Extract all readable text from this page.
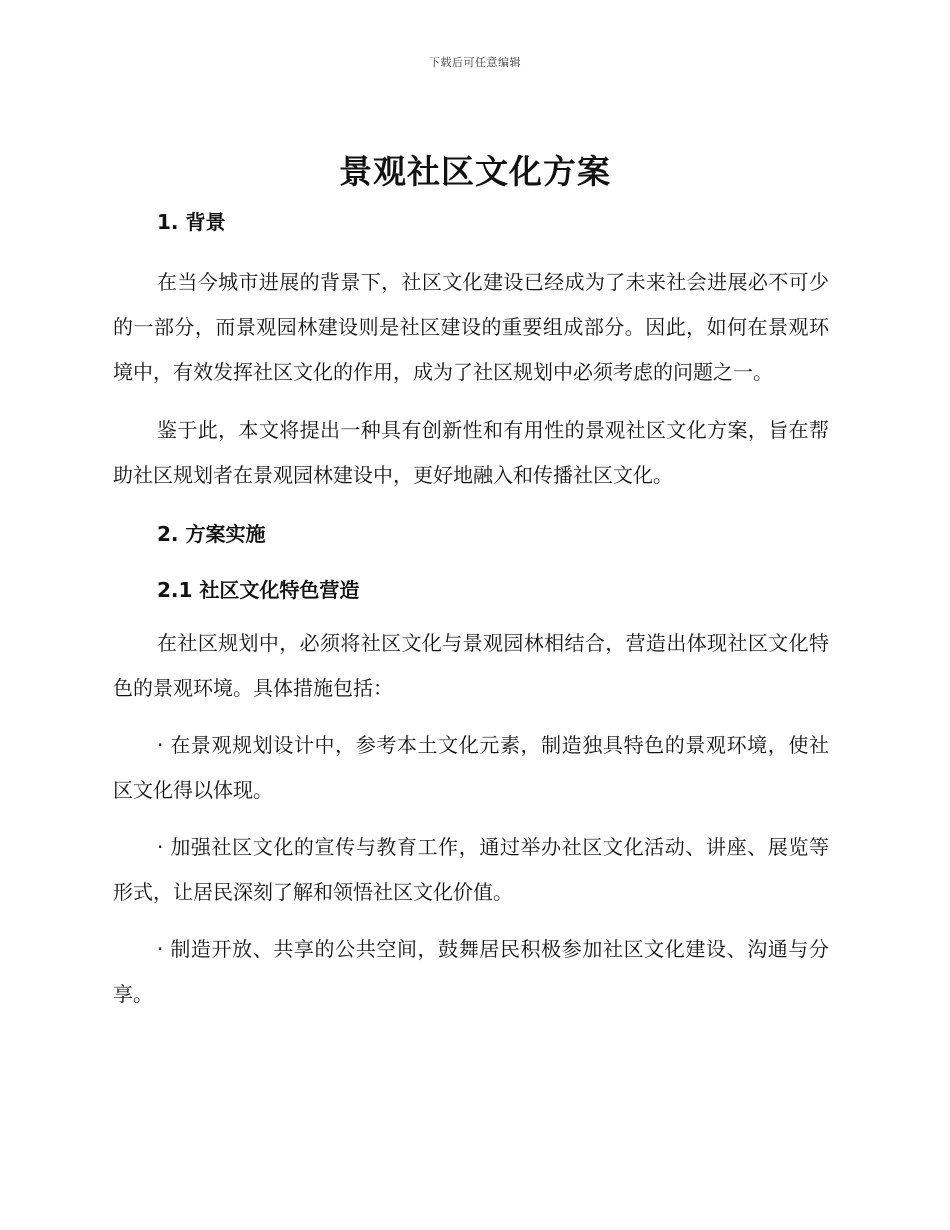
下载后可任意编辑
景观社区文化方案

1. 背景

在当今城市进展的背景下，社区文化建设已经成为了未来社会进展必不可少的一部分，而景观园林建设则是社区建设的重要组成部分。因此，如何在景观环境中，有效发挥社区文化的作用，成为了社区规划中必须考虑的问题之一。

鉴于此，本文将提出一种具有创新性和有用性的景观社区文化方案，旨在帮助社区规划者在景观园林建设中，更好地融入和传播社区文化。

2. 方案实施

2.1 社区文化特色营造

在社区规划中，必须将社区文化与景观园林相结合，营造出体现社区文化特色的景观环境。具体措施包括：

· 在景观规划设计中，参考本土文化元素，制造独具特色的景观环境，使社区文化得以体现。

· 加强社区文化的宣传与教育工作，通过举办社区文化活动、讲座、展览等形式，让居民深刻了解和领悟社区文化价值。

· 制造开放、共享的公共空间，鼓舞居民积极参加社区文化建设、沟通与分享。
